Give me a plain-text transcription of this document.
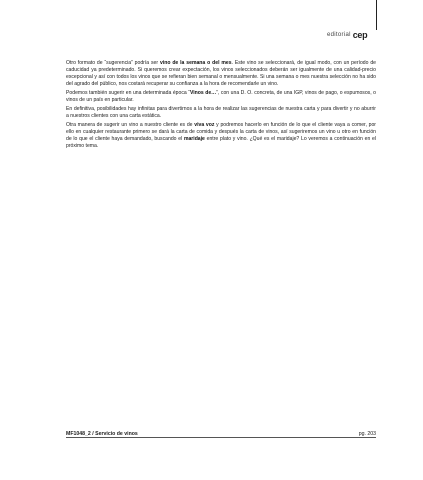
editorial cep

Otro formato de “sugerencia” podría ser vino de la semana o del mes. Este vino se seleccionará, de igual modo, con un período de caducidad ya predeterminado. Si queremos crear expectación, los vinos seleccionados deberán ser igualmente de una calidad-precio excepcional y así con todos los vinos que se refieran bien semanal o mensualmente. Si una semana o mes nuestra selección no ha sido del agrado del público, nos costará recuperar su confianza a la hora de recomendarle un vino.

Podemos también sugerir en una determinada época “Vinos de…”, con una D. O. concreta, de una IGP, vinos de pago, o espumosos, o vinos de un país en particular.

En definitiva, posibilidades hay infinitas para divertirnos a la hora de realizar las sugerencias de nuestra carta y para divertir y no aburrir a nuestros clientes con una carta estática.

Otra manera de sugerir un vino a nuestro cliente es de viva voz y podremos hacerlo en función de lo que el cliente vaya a comer, por ello en cualquier restaurante primero se dará la carta de comida y después la carta de vinos, así sugeriremos un vino u otro en función de lo que el cliente haya demandado, buscando el maridaje entre plato y vino. ¿Qué es el maridaje? Lo veremos a continuación en el próximo tema.

MF1048_2 / Servicio de vinos	pg. 203
